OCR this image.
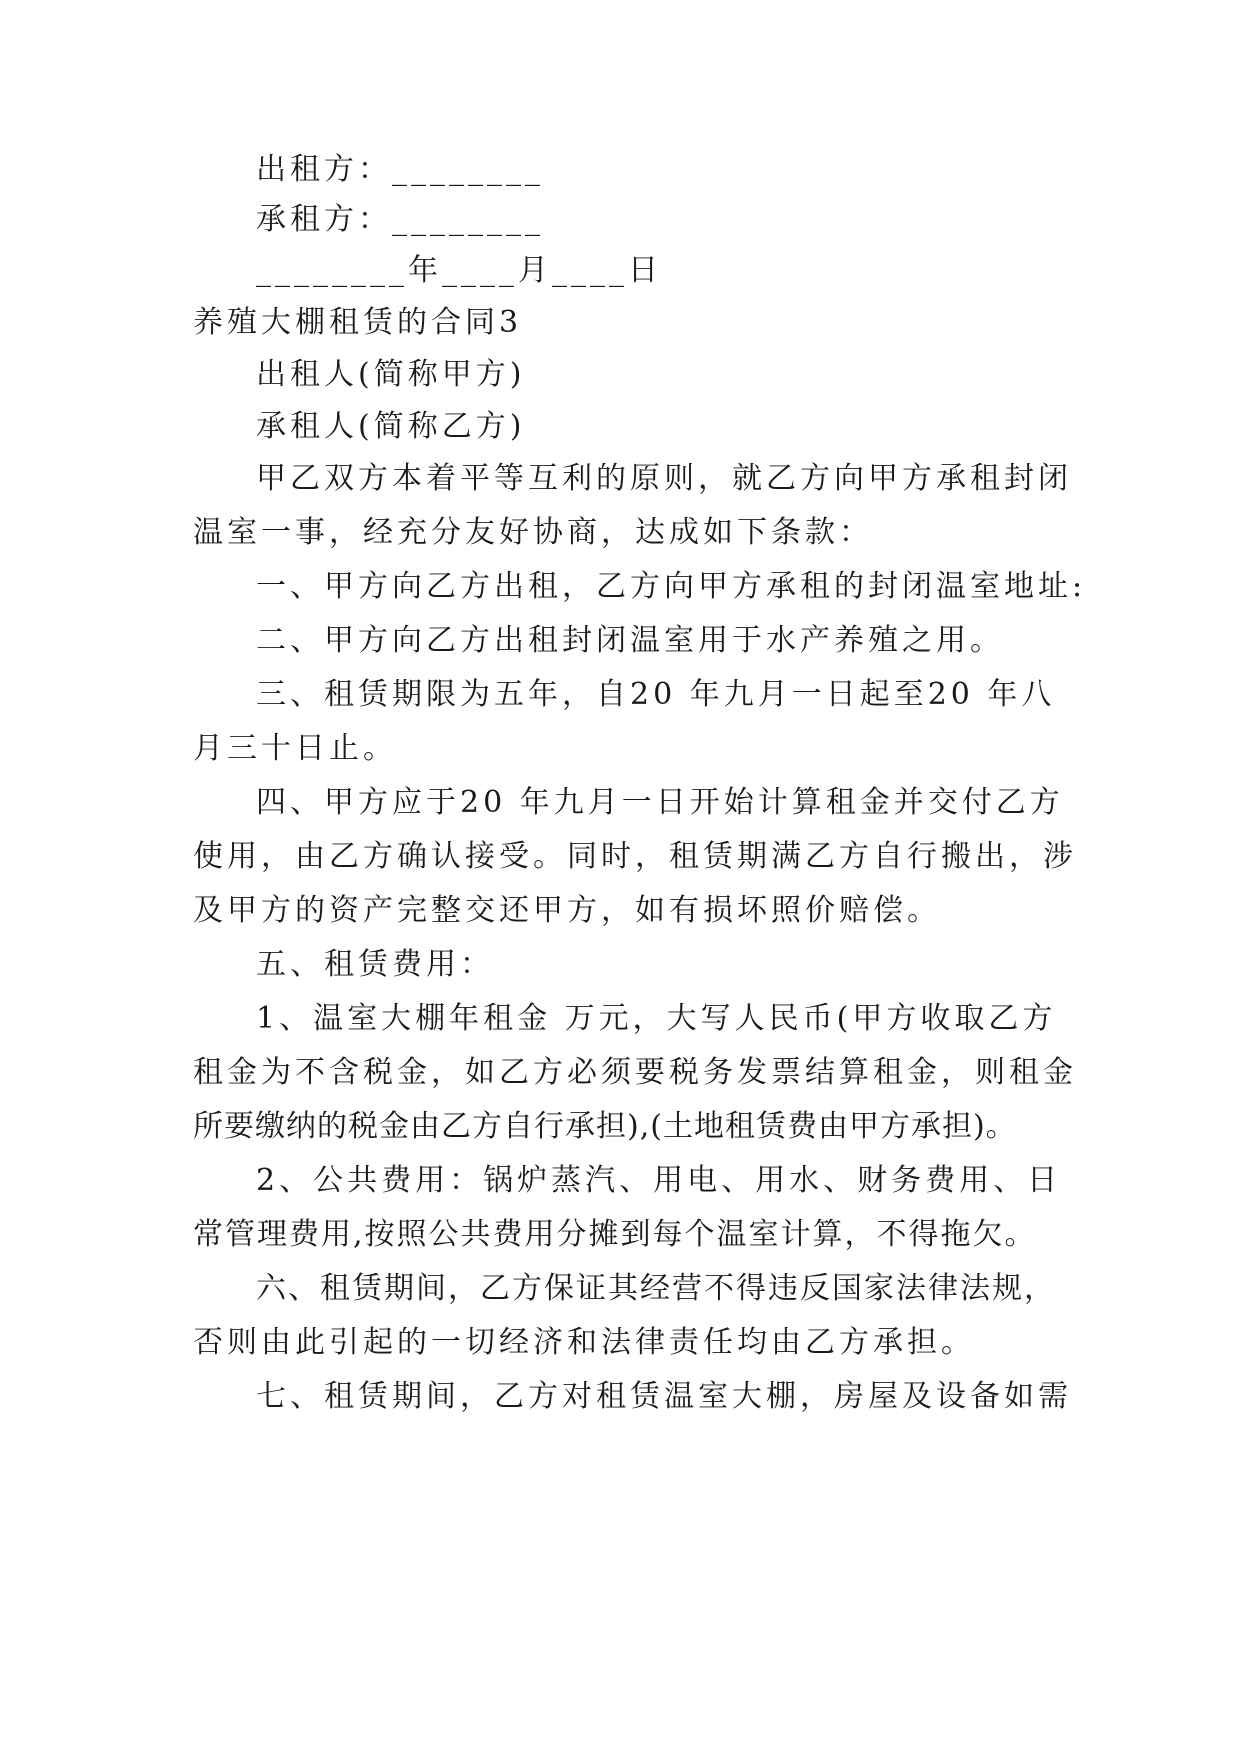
出租方：________
承租方：________
________年____月____日
养殖大棚租赁的合同3
出租人(简称甲方)
承租人(简称乙方)
甲乙双方本着平等互利的原则，就乙方向甲方承租封闭
温室一事，经充分友好协商，达成如下条款：
一、甲方向乙方出租，乙方向甲方承租的封闭温室地址:
二、甲方向乙方出租封闭温室用于水产养殖之用。
三、租赁期限为五年，自20 年九月一日起至20 年八
月三十日止。
四、甲方应于20 年九月一日开始计算租金并交付乙方
使用，由乙方确认接受。同时，租赁期满乙方自行搬出，涉
及甲方的资产完整交还甲方，如有损坏照价赔偿。
五、租赁费用：
1、温室大棚年租金 万元，大写人民币(甲方收取乙方
租金为不含税金，如乙方必须要税务发票结算租金，则租金
所要缴纳的税金由乙方自行承担),(土地租赁费由甲方承担)。
2、公共费用：锅炉蒸汽、用电、用水、财务费用、日
常管理费用,按照公共费用分摊到每个温室计算，不得拖欠。
六、租赁期间，乙方保证其经营不得违反国家法律法规，
否则由此引起的一切经济和法律责任均由乙方承担。
七、租赁期间，乙方对租赁温室大棚，房屋及设备如需
